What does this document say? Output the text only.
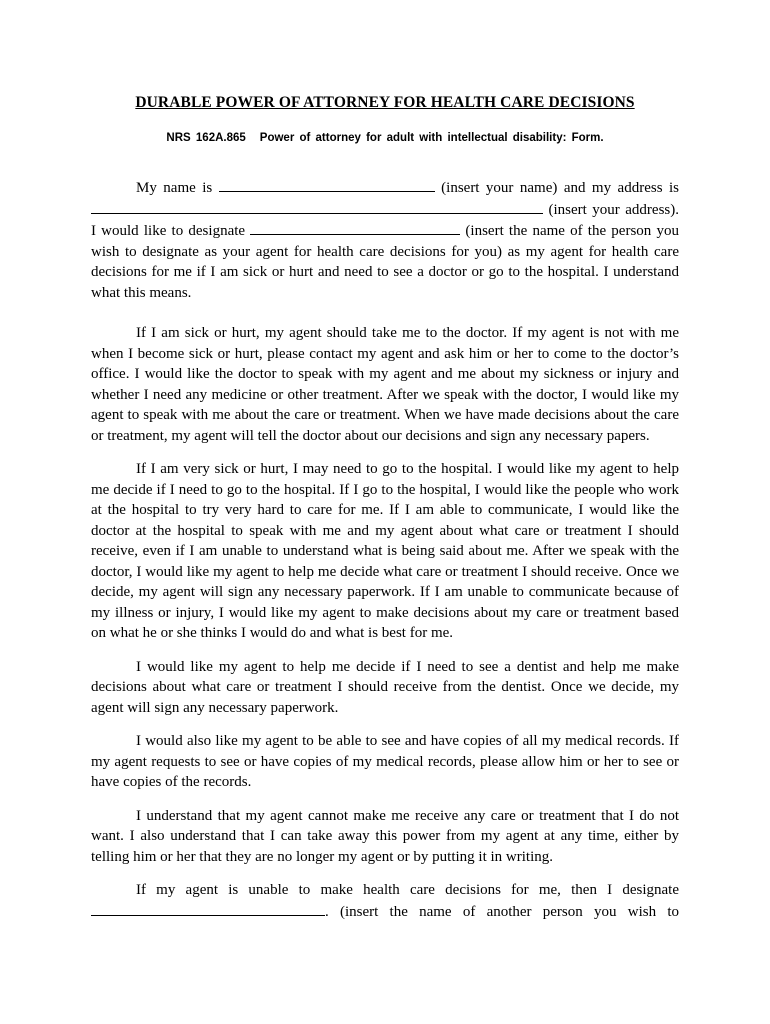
DURABLE POWER OF ATTORNEY FOR HEALTH CARE DECISIONS
NRS 162A.865 Power of attorney for adult with intellectual disability: Form.

My name is	(insert your name) and my address is  (insert your address). I would like to designate	(insert the name of the person you wish to designate as your agent for health care decisions for you) as my agent for health care decisions for me if I am sick or hurt and need to see a doctor or go to the hospital. I understand what this means.

If I am sick or hurt, my agent should take me to the doctor. If my agent is not with me when I become sick or hurt, please contact my agent and ask him or her to come to the doctor’s office. I would like the doctor to speak with my agent and me about my sickness or injury and whether I need any medicine or other treatment. After we speak with the doctor, I would like my agent to speak with me about the care or treatment. When we have made decisions about the care or treatment, my agent will tell the doctor about our decisions and sign any necessary papers.

If I am very sick or hurt, I may need to go to the hospital. I would like my agent to help me decide if I need to go to the hospital. If I go to the hospital, I would like the people who work at the hospital to try very hard to care for me. If I am able to communicate, I would like the doctor at the hospital to speak with me and my agent about what care or treatment I should receive, even if I am unable to understand what is being said about me. After we speak with the doctor, I would like my agent to help me decide what care or treatment I should receive. Once we decide, my agent will sign any necessary paperwork. If I am unable to communicate because of my illness or injury, I would like my agent to make decisions about my care or treatment based on what he or she thinks I would do and what is best for me.

I would like my agent to help me decide if I need to see a dentist and help me make decisions about what care or treatment I should receive from the dentist. Once we decide, my agent will sign any necessary paperwork.

I would also like my agent to be able to see and have copies of all my medical records. If my agent requests to see or have copies of my medical records, please allow him or her to see or have copies of the records.

I understand that my agent cannot make me receive any care or treatment that I do not want. I also understand that I can take away this power from my agent at any time, either by telling him or her that they are no longer my agent or by putting it in writing.

If my agent is unable to make health care decisions for me, then I designate. (insert the name of another person you wish to
